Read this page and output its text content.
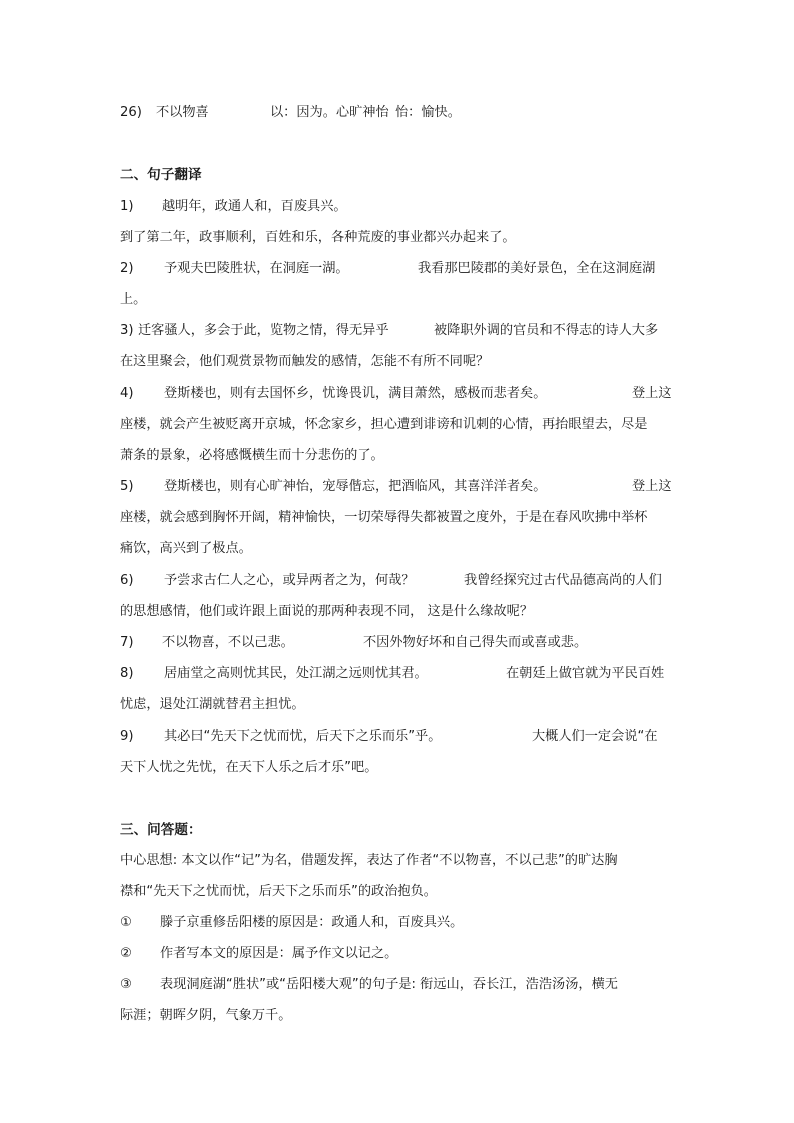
26) 不以物喜	以：因为。心旷神怡 怡：愉快。
二、句子翻译
1) 越明年，政通人和，百废具兴。
到了第二年，政事顺利，百姓和乐，各种荒废的事业都兴办起来了。
2) 予观夫巴陵胜状，在洞庭一湖。	我看那巴陵郡的美好景色，全在这洞庭湖
上。
3) 迁客骚人，多会于此，览物之情，得无异乎	被降职外调的官员和不得志的诗人大多
在这里聚会，他们观赏景物而触发的感情，怎能不有所不同呢？
4) 登斯楼也，则有去国怀乡，忧谗畏讥，满目萧然，感极而悲者矣。	登上这
座楼，就会产生被贬离开京城，怀念家乡，担心遭到诽谤和讥刺的心情，再抬眼望去，尽是
萧条的景象，必将感慨横生而十分悲伤的了。
5) 登斯楼也，则有心旷神怡，宠辱偕忘，把酒临风，其喜洋洋者矣。	登上这
座楼，就会感到胸怀开阔，精神愉快，一切荣辱得失都被置之度外，于是在春风吹拂中举杯
痛饮，高兴到了极点。
6) 予尝求古仁人之心，或异两者之为，何哉？	我曾经探究过古代品德高尚的人们
的思想感情，他们或许跟上面说的那两种表现不同， 这是什么缘故呢？
7) 不以物喜，不以己悲。	不因外物好坏和自己得失而或喜或悲。
8) 居庙堂之高则忧其民，处江湖之远则忧其君。	在朝廷上做官就为平民百姓
忧虑，退处江湖就替君主担忧。
9) 其必曰“先天下之忧而忧，后天下之乐而乐”乎。	大概人们一定会说“在
天下人忧之先忧，在天下人乐之后才乐”吧。
三、问答题：
中心思想: 本文以作“记”为名，借题发挥，表达了作者“不以物喜，不以己悲”的旷达胸
襟和“先天下之忧而忧，后天下之乐而乐”的政治抱负。
① 滕子京重修岳阳楼的原因是：政通人和，百废具兴。
② 作者写本文的原因是：属予作文以记之。
③ 表现洞庭湖“胜状”或“岳阳楼大观”的句子是: 衔远山，吞长江，浩浩汤汤，横无
际涯；朝晖夕阴，气象万千。
